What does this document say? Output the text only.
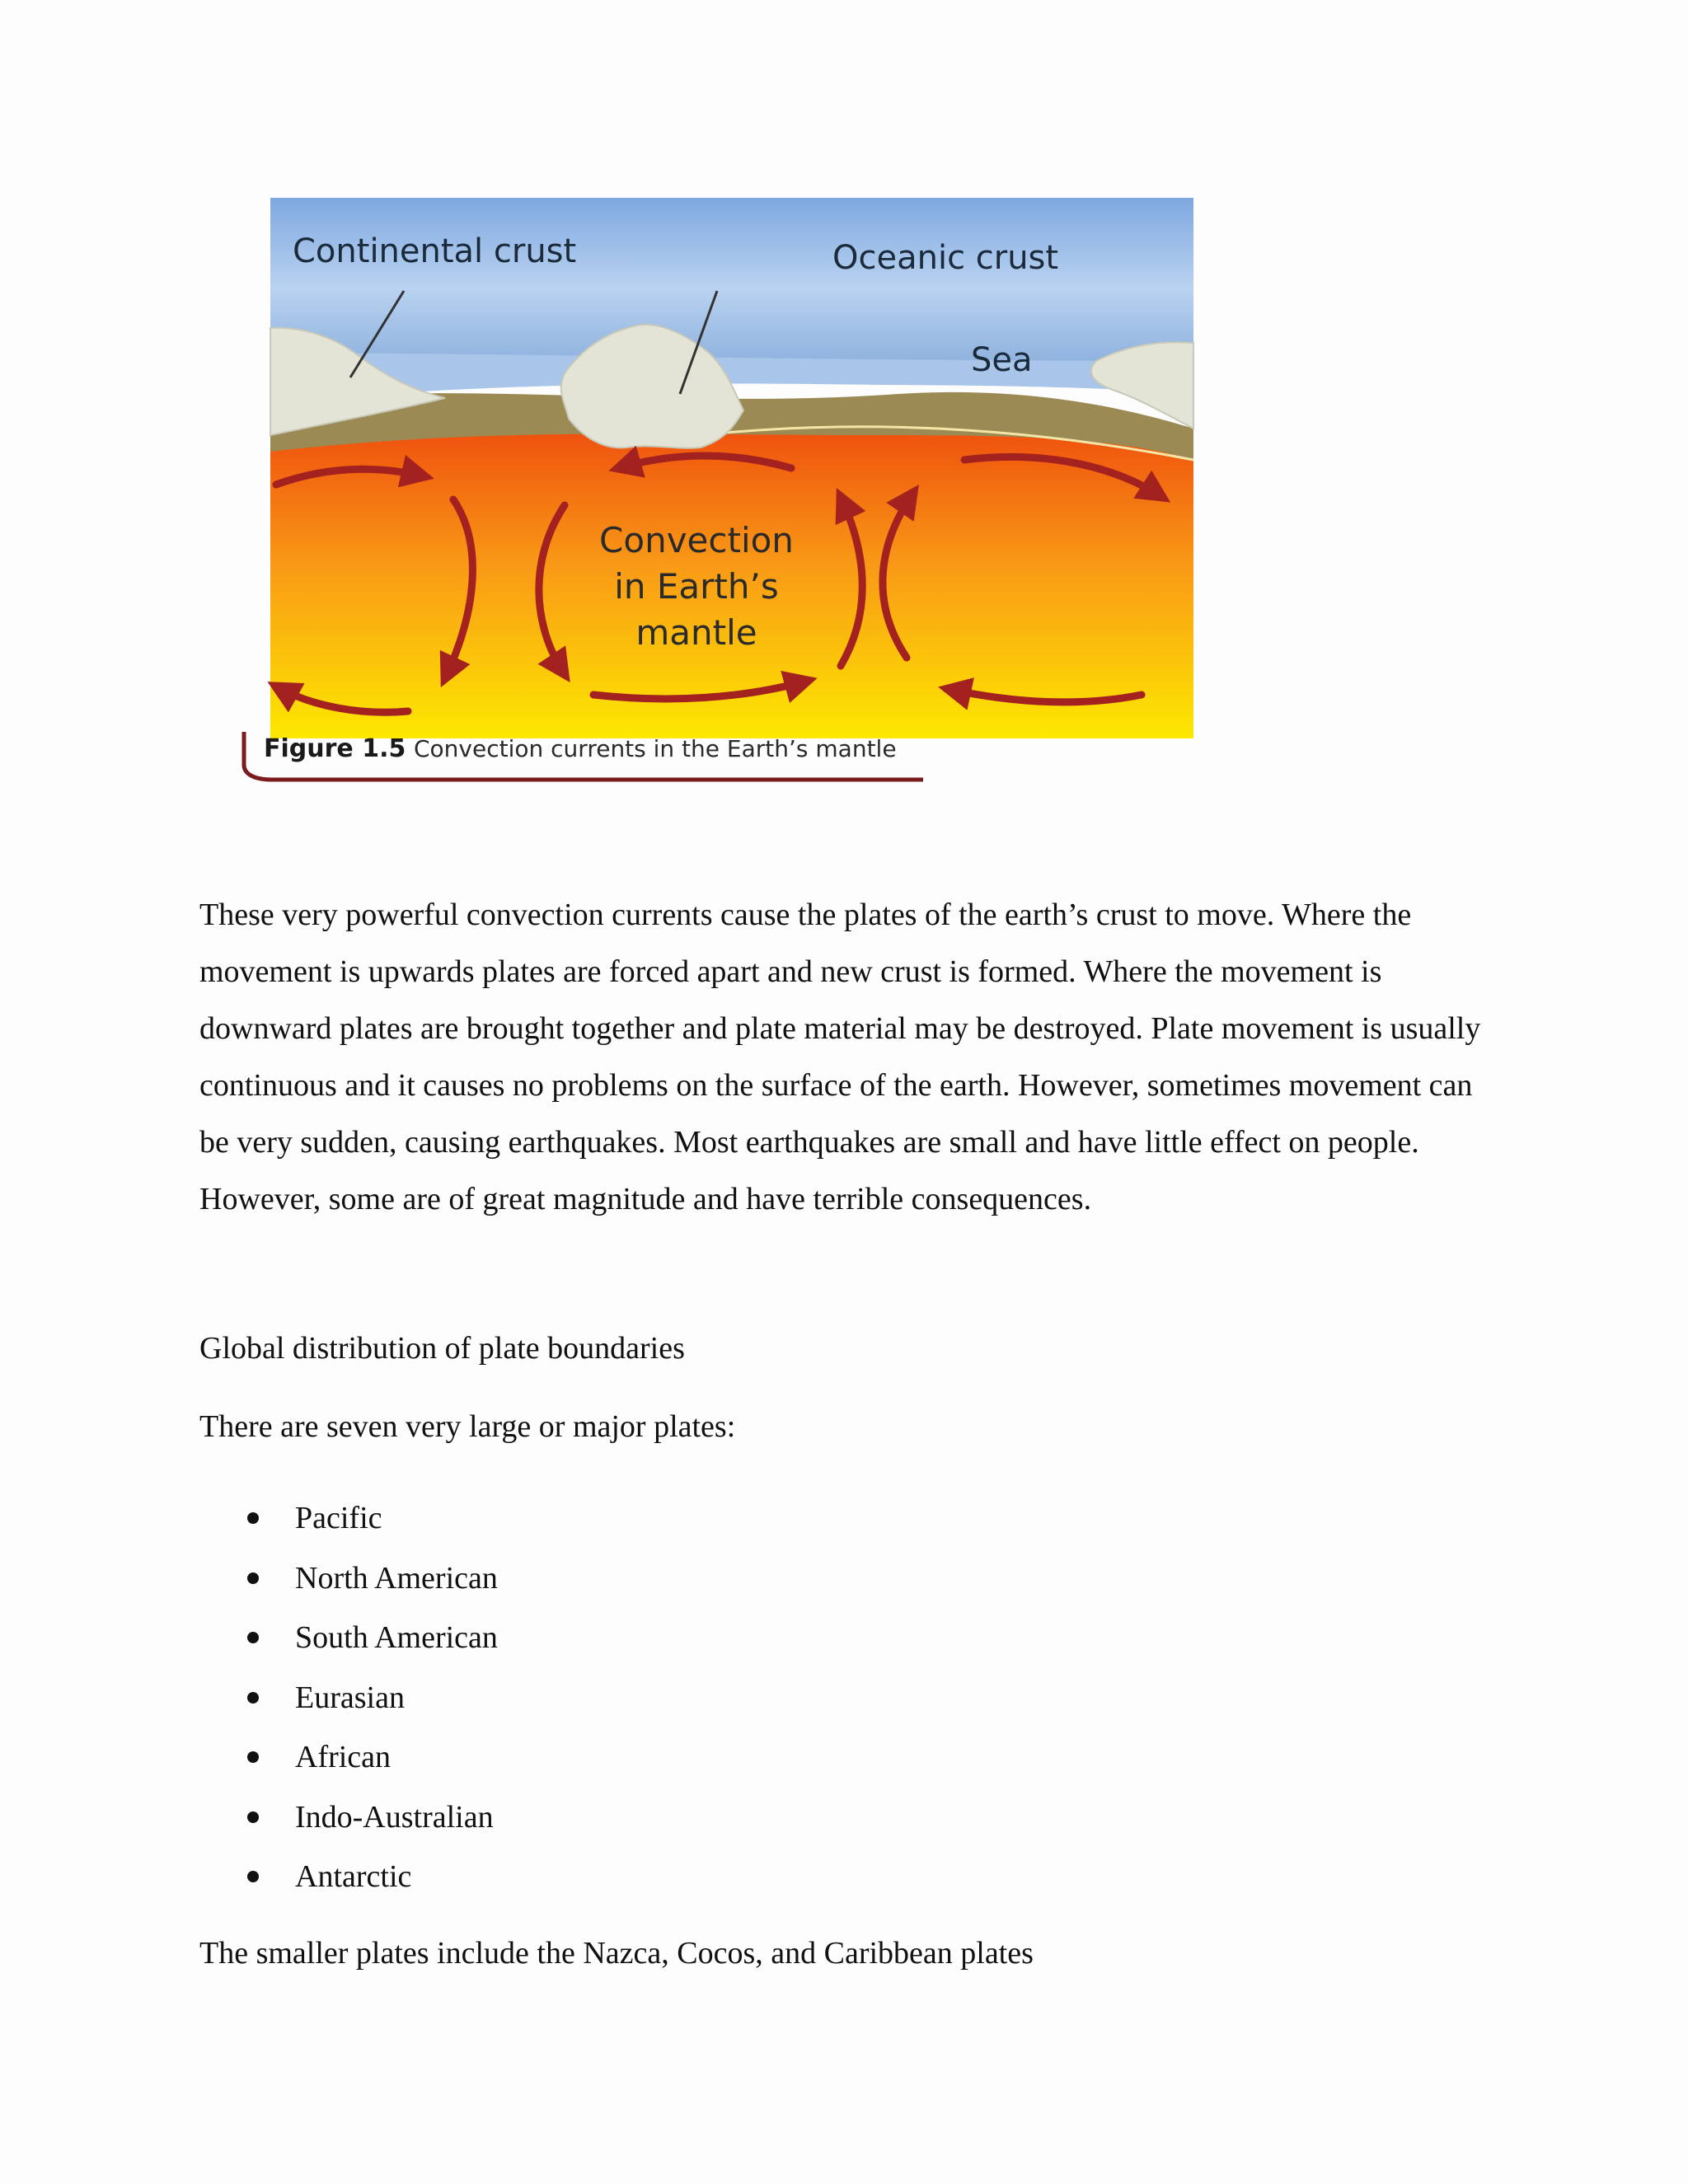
Continental crust	Oceanic crust
Sea
Convection
in Earth’s
mantle
Figure 1.5 Convection currents in the Earth’s mantle

These very powerful convection currents cause the plates of the earth’s crust to move. Where the movement is upwards plates are forced apart and new crust is formed. Where the movement is downward plates are brought together and plate material may be destroyed. Plate movement is usually continuous and it causes no problems on the surface of the earth. However, sometimes movement can be very sudden, causing earthquakes. Most earthquakes are small and have little effect on people. However, some are of great magnitude and have terrible consequences.

Global distribution of plate boundaries

There are seven very large or major plates:

Pacific
North American
South American
Eurasian
African
Indo-Australian
Antarctic

The smaller plates include the Nazca, Cocos, and Caribbean plates
